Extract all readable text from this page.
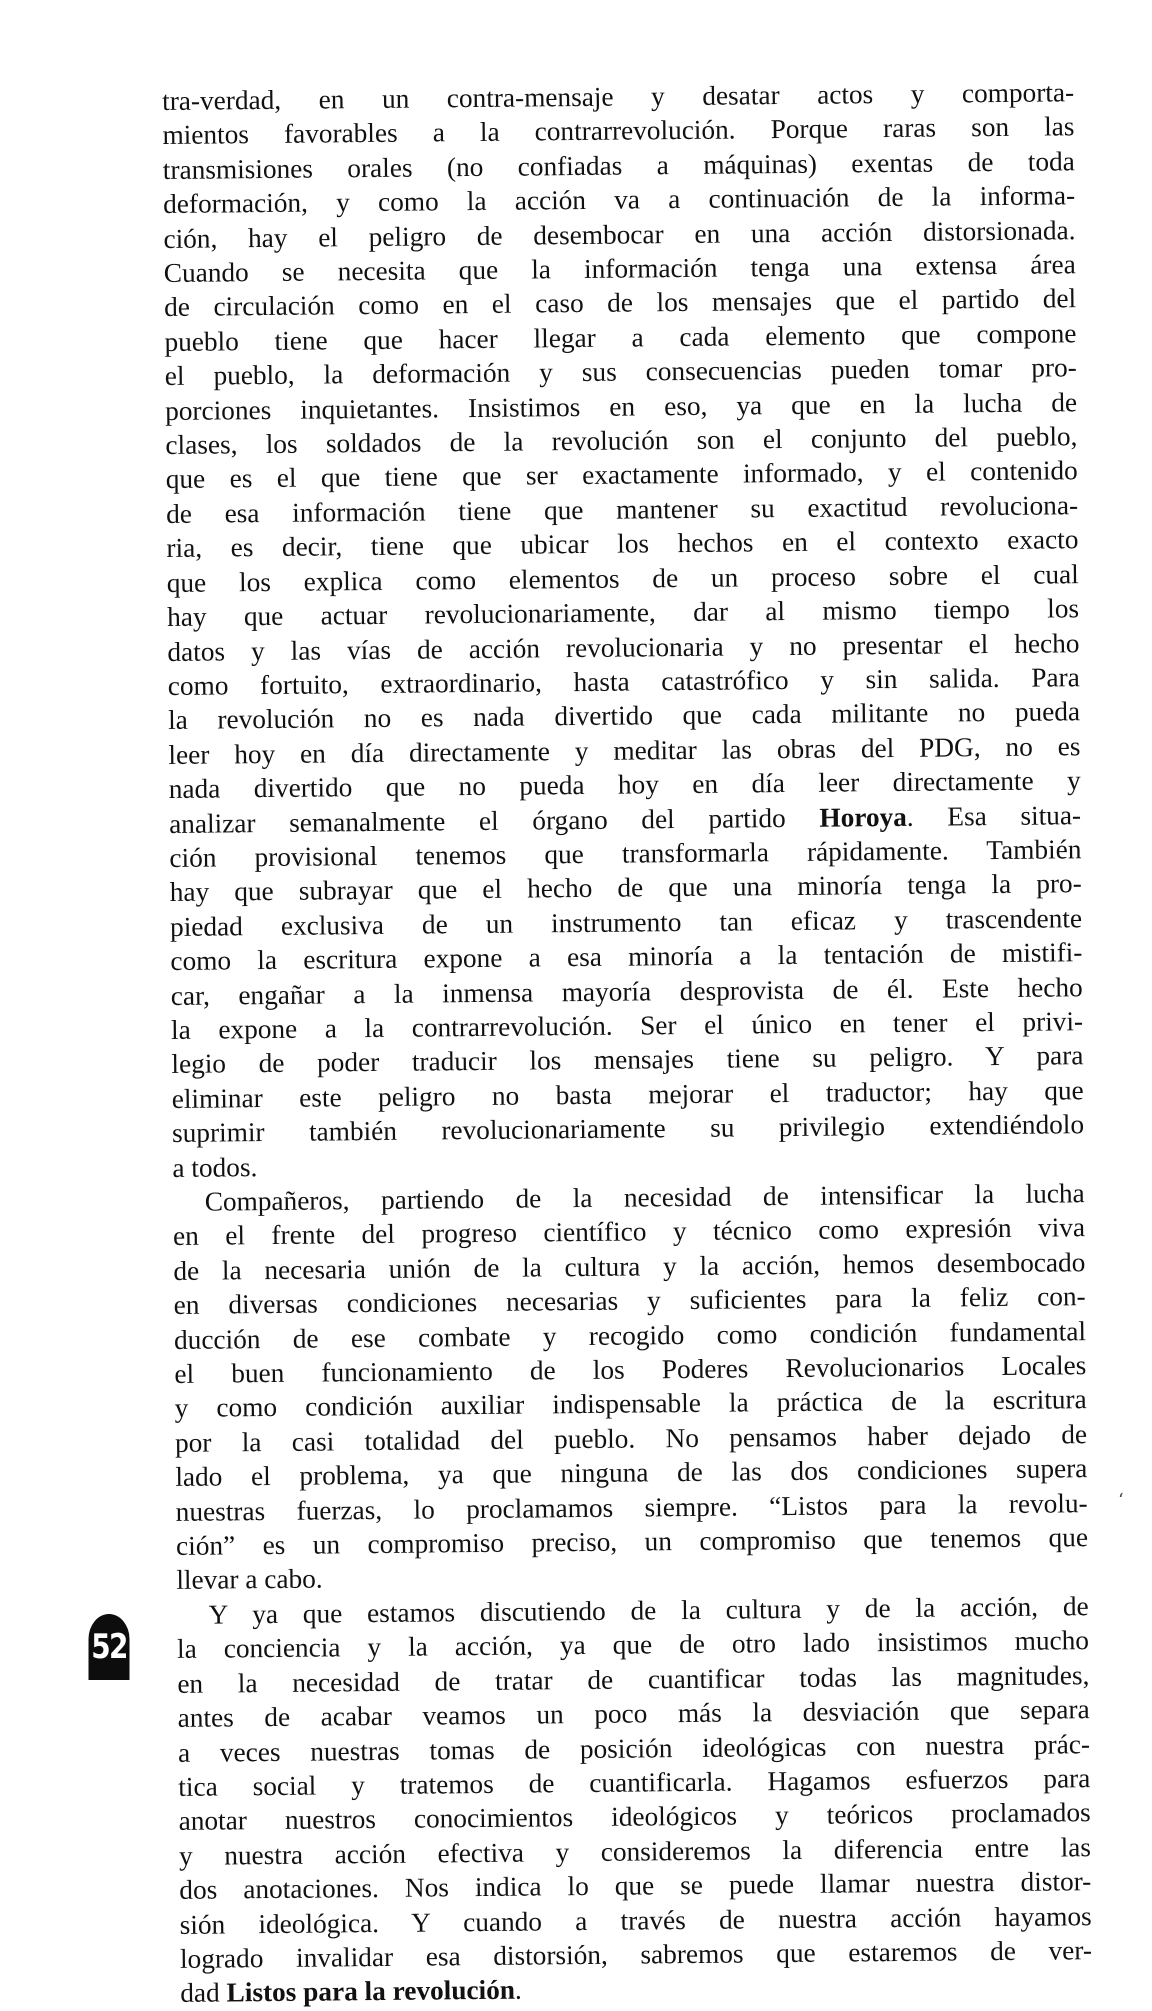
tra-verdad, en un contra-mensaje y desatar actos y comporta-
mientos favorables a la contrarrevolución. Porque raras son las
transmisiones orales (no confiadas a máquinas) exentas de toda
deformación, y como la acción va a continuación de la informa-
ción, hay el peligro de desembocar en una acción distorsionada.
Cuando se necesita que la información tenga una extensa área
de circulación como en el caso de los mensajes que el partido del
pueblo tiene que hacer llegar a cada elemento que compone
el pueblo, la deformación y sus consecuencias pueden tomar pro-
porciones inquietantes. Insistimos en eso, ya que en la lucha de
clases, los soldados de la revolución son el conjunto del pueblo,
que es el que tiene que ser exactamente informado, y el contenido
de esa información tiene que mantener su exactitud revoluciona-
ria, es decir, tiene que ubicar los hechos en el contexto exacto
que los explica como elementos de un proceso sobre el cual
hay que actuar revolucionariamente, dar al mismo tiempo los
datos y las vías de acción revolucionaria y no presentar el hecho
como fortuito, extraordinario, hasta catastrófico y sin salida. Para
la revolución no es nada divertido que cada militante no pueda
leer hoy en día directamente y meditar las obras del PDG, no es
nada divertido que no pueda hoy en día leer directamente y
analizar semanalmente el órgano del partido Horoya. Esa situa-
ción provisional tenemos que transformarla rápidamente. También
hay que subrayar que el hecho de que una minoría tenga la pro-
piedad exclusiva de un instrumento tan eficaz y trascendente
como la escritura expone a esa minoría a la tentación de mistifi-
car, engañar a la inmensa mayoría desprovista de él. Este hecho
la expone a la contrarrevolución. Ser el único en tener el privi-
legio de poder traducir los mensajes tiene su peligro. Y para
eliminar este peligro no basta mejorar el traductor; hay que
suprimir también revolucionariamente su privilegio extendiéndolo
a todos.
Compañeros, partiendo de la necesidad de intensificar la lucha
en el frente del progreso científico y técnico como expresión viva
de la necesaria unión de la cultura y la acción, hemos desembocado
en diversas condiciones necesarias y suficientes para la feliz con-
ducción de ese combate y recogido como condición fundamental
el buen funcionamiento de los Poderes Revolucionarios Locales
y como condición auxiliar indispensable la práctica de la escritura
por la casi totalidad del pueblo. No pensamos haber dejado de
lado el problema, ya que ninguna de las dos condiciones supera
nuestras fuerzas, lo proclamamos siempre. “Listos para la revolu-
ción” es un compromiso preciso, un compromiso que tenemos que
llevar a cabo.
Y ya que estamos discutiendo de la cultura y de la acción, de
la conciencia y la acción, ya que de otro lado insistimos mucho
en la necesidad de tratar de cuantificar todas las magnitudes,
antes de acabar veamos un poco más la desviación que separa
a veces nuestras tomas de posición ideológicas con nuestra prác-
tica social y tratemos de cuantificarla. Hagamos esfuerzos para
anotar nuestros conocimientos ideológicos y teóricos proclamados
y nuestra acción efectiva y consideremos la diferencia entre las
dos anotaciones. Nos indica lo que se puede llamar nuestra distor-
sión ideológica. Y cuando a través de nuestra acción hayamos
logrado invalidar esa distorsión, sabremos que estaremos de ver-
dad Listos para la revolución.
52
‘
